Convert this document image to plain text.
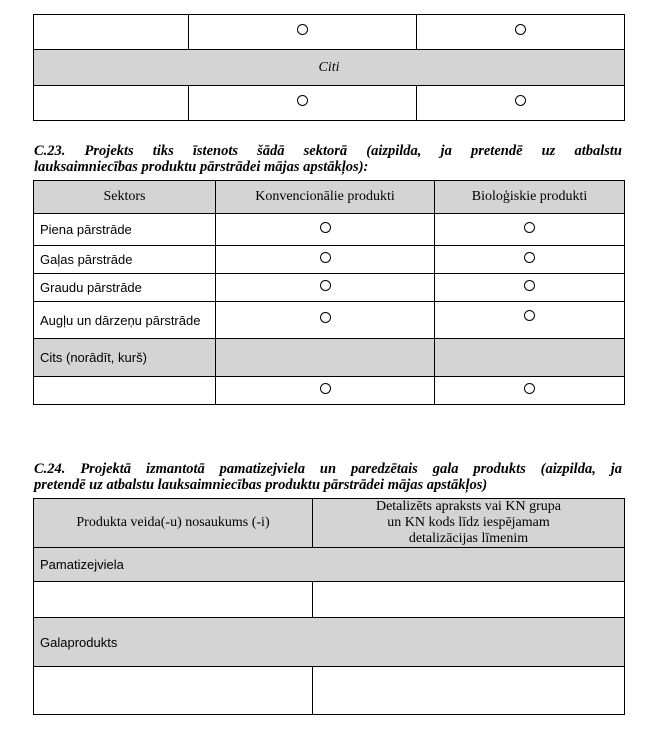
Citi		

C.23. Projekts tiks īstenots šādā sektorā (aizpilda, ja pretendē uz atbalstu
lauksaimniecības produktu pārstrādei mājas apstākļos):
Sektors	Konvencionālie produkti	Bioloģiskie produkti
Piena pārstrāde		
Gaļas pārstrāde		
Graudu pārstrāde		
Augļu un dārzeņu pārstrāde		
Cits (norādīt, kurš)		

C.24. Projektā izmantotā pamatizejviela un paredzētais gala produkts (aizpilda, ja
pretendē uz atbalstu lauksaimniecības produktu pārstrādei mājas apstākļos)
Produkta veida(-u) nosaukums (-i)	Detalizēts apraksts vai KN grupa un KN kods līdz iespējamam detalizācijas līmenim
Pamatizejviela	

Galaprodukts	
